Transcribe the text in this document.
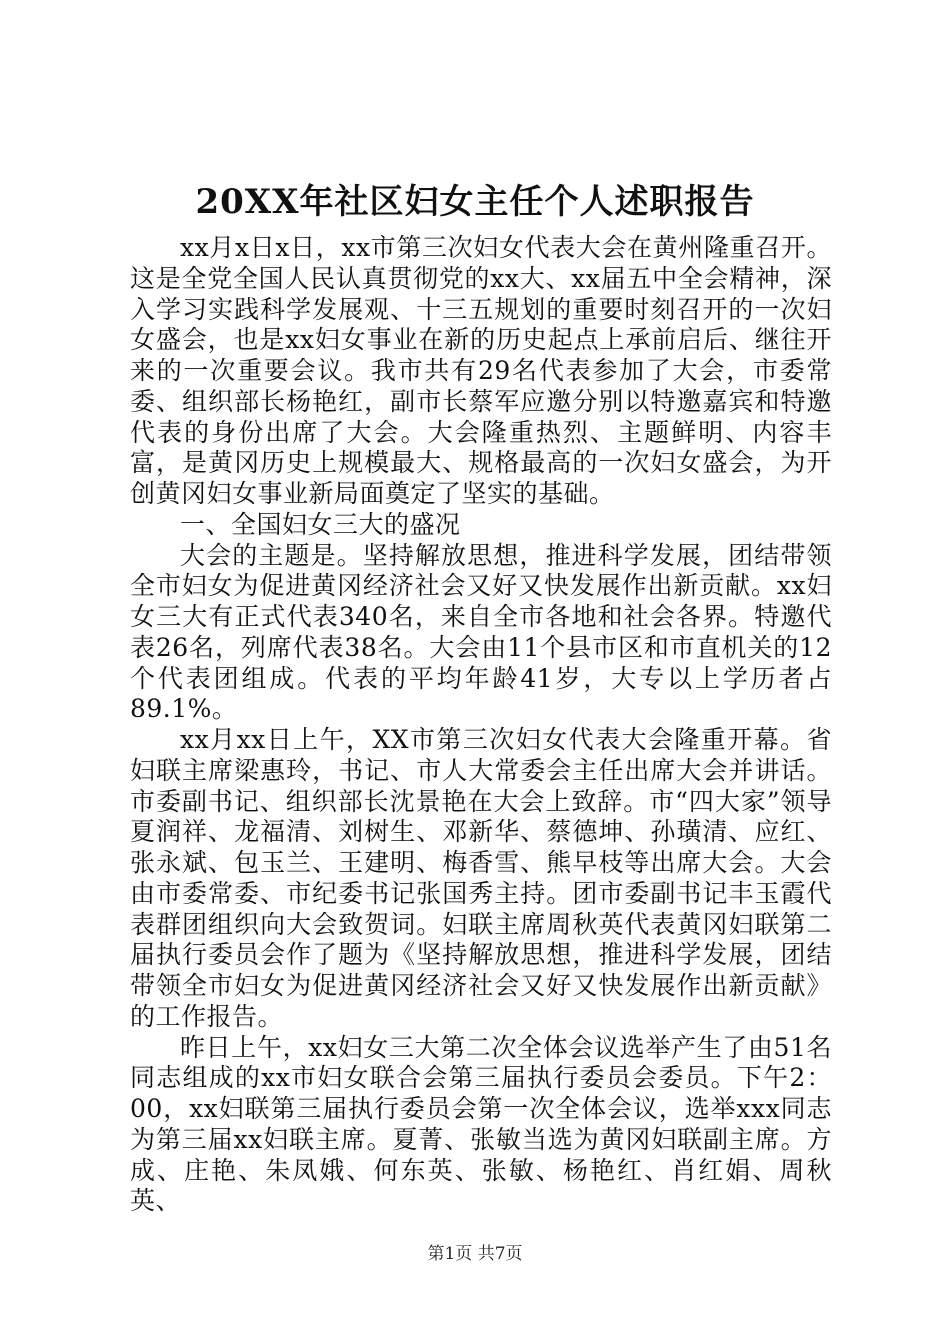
20XX年社区妇女主任个人述职报告

xx月x日x日，xx市第三次妇女代表大会在黄州隆重召开。这是全党全国人民认真贯彻党的xx大、xx届五中全会精神，深入学习实践科学发展观、十三五规划的重要时刻召开的一次妇女盛会，也是xx妇女事业在新的历史起点上承前启后、继往开来的一次重要会议。我市共有29名代表参加了大会，市委常委、组织部长杨艳红，副市长蔡军应邀分别以特邀嘉宾和特邀代表的身份出席了大会。大会隆重热烈、主题鲜明、内容丰富，是黄冈历史上规模最大、规格最高的一次妇女盛会，为开创黄冈妇女事业新局面奠定了坚实的基础。

一、全国妇女三大的盛况

大会的主题是。坚持解放思想，推进科学发展，团结带领全市妇女为促进黄冈经济社会又好又快发展作出新贡献。xx妇女三大有正式代表340名，来自全市各地和社会各界。特邀代表26名，列席代表38名。大会由11个县市区和市直机关的12个代表团组成。代表的平均年龄41岁，大专以上学历者占89.1%。

xx月xx日上午，XX市第三次妇女代表大会隆重开幕。省妇联主席梁惠玲，书记、市人大常委会主任出席大会并讲话。市委副书记、组织部长沈景艳在大会上致辞。市“四大家”领导夏润祥、龙福清、刘树生、邓新华、蔡德坤、孙璜清、应红、张永斌、包玉兰、王建明、梅香雪、熊早枝等出席大会。大会由市委常委、市纪委书记张国秀主持。团市委副书记丰玉霞代表群团组织向大会致贺词。妇联主席周秋英代表黄冈妇联第二届执行委员会作了题为《坚持解放思想，推进科学发展，团结带领全市妇女为促进黄冈经济社会又好又快发展作出新贡献》的工作报告。

昨日上午，xx妇女三大第二次全体会议选举产生了由51名同志组成的xx市妇女联合会第三届执行委员会委员。下午2：00，xx妇联第三届执行委员会第一次全体会议，选举xxx同志为第三届xx妇联主席。夏菁、张敏当选为黄冈妇联副主席。方成、庄艳、朱凤娥、何东英、张敏、杨艳红、肖红娟、周秋英、

第1页 共7页
